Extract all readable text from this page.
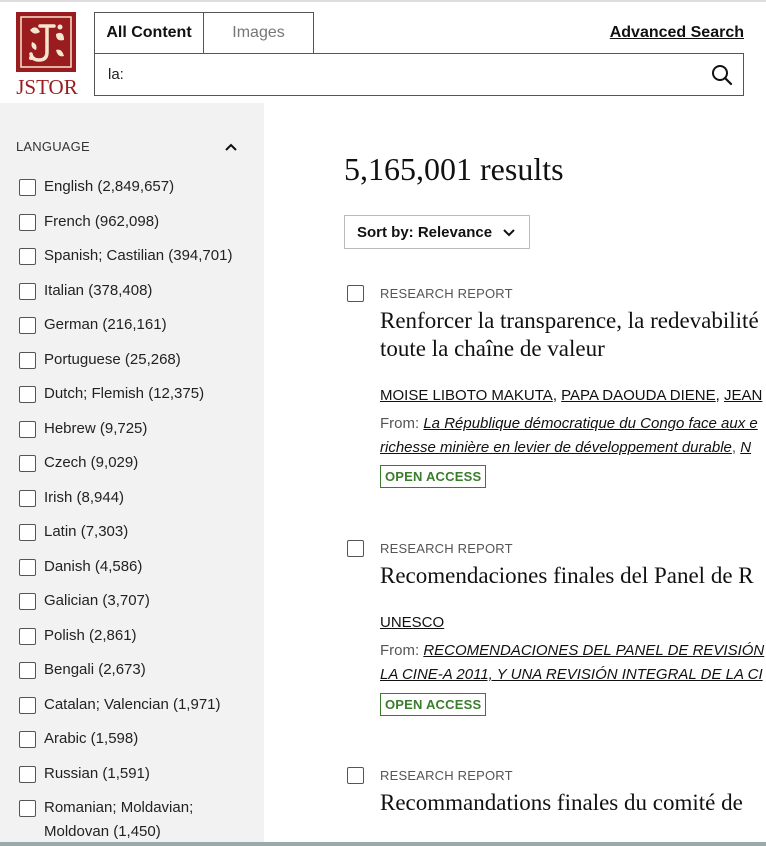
JSTOR
All Content	Images	Advanced Search
la:
LANGUAGE
English (2,849,657)
French (962,098)
Spanish; Castilian (394,701)
Italian (378,408)
German (216,161)
Portuguese (25,268)
Dutch; Flemish (12,375)
Hebrew (9,725)
Czech (9,029)
Irish (8,944)
Latin (7,303)
Danish (4,586)
Galician (3,707)
Polish (2,861)
Bengali (2,673)
Catalan; Valencian (1,971)
Arabic (1,598)
Russian (1,591)
Romanian; Moldavian; Moldovan (1,450)
5,165,001 results
Sort by: Relevance
RESEARCH REPORT
Renforcer la transparence, la redevabilité
toute la chaîne de valeur
MOISE LIBOTO MAKUTA, PAPA DAOUDA DIENE, JEAN
From: La République démocratique du Congo face aux e
richesse minière en levier de développement durable, N
OPEN ACCESS
RESEARCH REPORT
Recomendaciones finales del Panel de R
UNESCO
From: RECOMENDACIONES DEL PANEL DE REVISIÓN
LA CINE-A 2011, Y UNA REVISIÓN INTEGRAL DE LA CI
OPEN ACCESS
RESEARCH REPORT
Recommandations finales du comité de
